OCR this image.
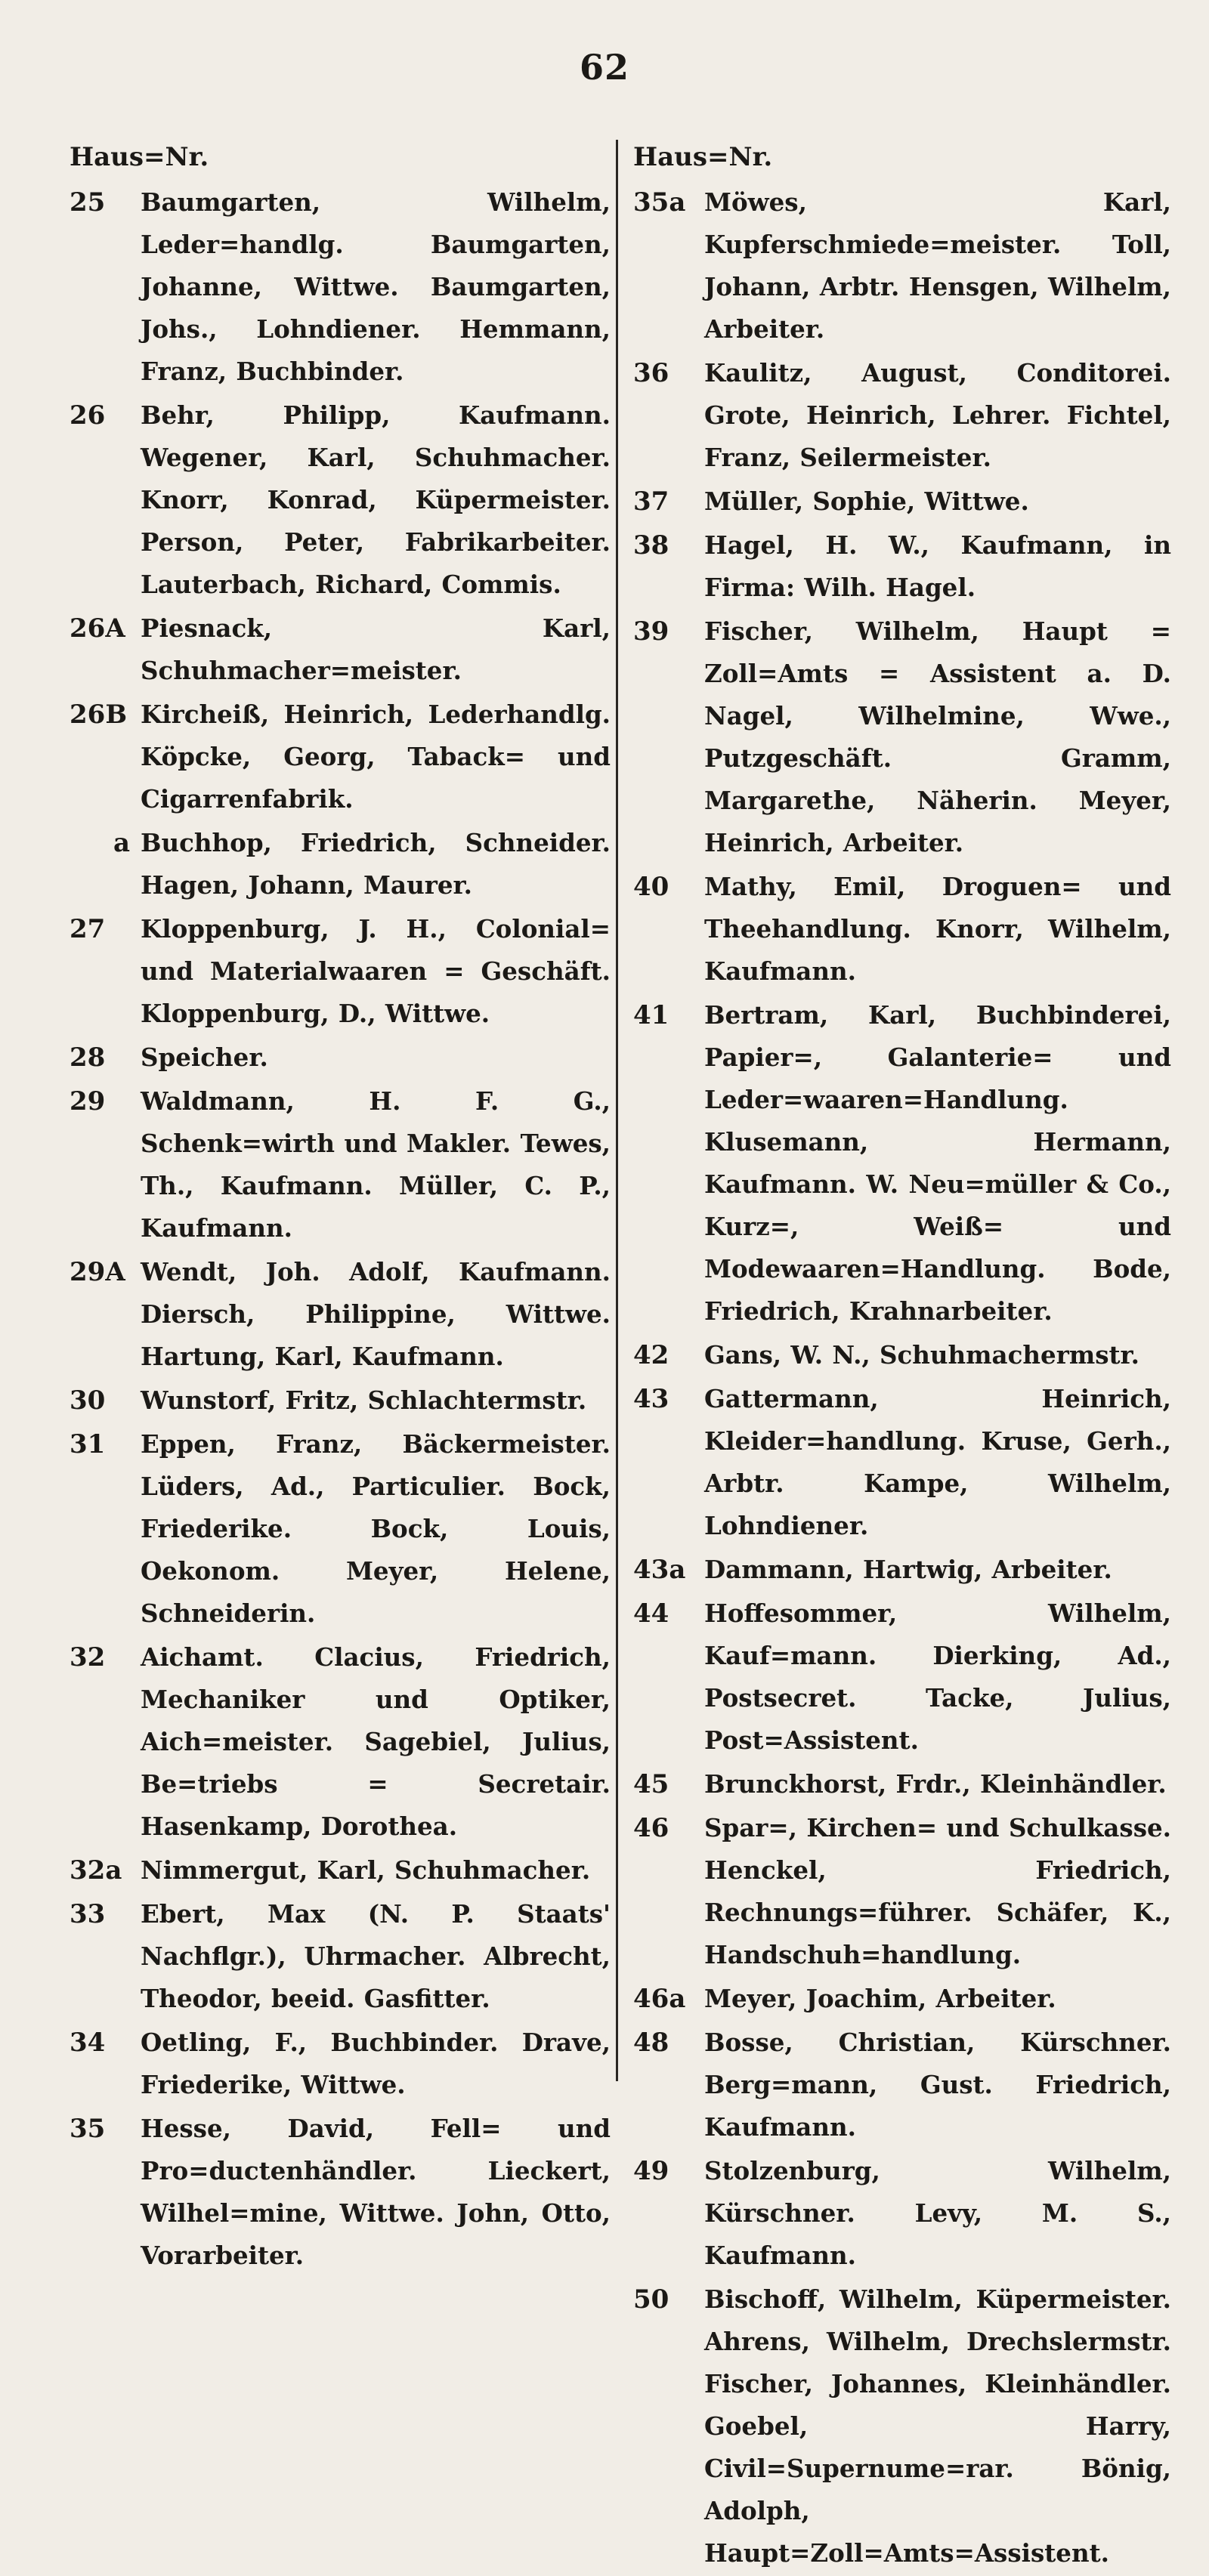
62
Haus=Nr.
25	Baumgarten, Wilhelm, Leder=handlg. Baumgarten, Johanne, Wittwe. Baumgarten, Johs., Lohndiener. Hemmann, Franz, Buchbinder.
26	Behr, Philipp, Kaufmann. Wegener, Karl, Schuhmacher. Knorr, Konrad, Küpermeister. Person, Peter, Fabrikarbeiter. Lauterbach, Richard, Commis.
26A Piesnack, Karl, Schuhmacher=meister.
26B Kircheiß, Heinrich, Lederhandlg. Köpcke, Georg, Taback= und Cigarrenfabrik.
a Buchhop, Friedrich, Schneider. Hagen, Johann, Maurer.
27	Kloppenburg, J. H., Colonial= und Materialwaaren = Geschäft. Kloppenburg, D., Wittwe.
28	Speicher.
29	Waldmann, H. F. G., Schenk=wirth und Makler. Tewes, Th., Kaufmann. Müller, C. P., Kaufmann.
29A Wendt, Joh. Adolf, Kaufmann. Diersch, Philippine, Wittwe. Hartung, Karl, Kaufmann.
30	Wunstorf, Fritz, Schlachtermstr.
31	Eppen, Franz, Bäckermeister. Lüders, Ad., Particulier. Bock, Friederike. Bock, Louis, Oekonom. Meyer, Helene, Schneiderin.
32	Aichamt. Clacius, Friedrich, Mechaniker und Optiker, Aich=meister. Sagebiel, Julius, Be=triebs = Secretair. Hasenkamp, Dorothea.
32a Nimmergut, Karl, Schuhmacher.
33	Ebert, Max (N. P. Staats' Nachflgr.), Uhrmacher. Albrecht, Theodor, beeid. Gasfitter.
34	Oetling, F., Buchbinder. Drave, Friederike, Wittwe.
35	Hesse, David, Fell= und Pro=ductenhändler. Lieckert, Wilhel=mine, Wittwe. John, Otto, Vorarbeiter.
Haus=Nr.
35a Möwes, Karl, Kupferschmiede=meister. Toll, Johann, Arbtr. Hensgen, Wilhelm, Arbeiter.
36	Kaulitz, August, Conditorei. Grote, Heinrich, Lehrer. Fichtel, Franz, Seilermeister.
37	Müller, Sophie, Wittwe.
38	Hagel, H. W., Kaufmann, in Firma: Wilh. Hagel.
39	Fischer, Wilhelm, Haupt = Zoll=Amts = Assistent a. D. Nagel, Wilhelmine, Wwe., Putzgeschäft. Gramm, Margarethe, Näherin. Meyer, Heinrich, Arbeiter.
40	Mathy, Emil, Droguen= und Theehandlung. Knorr, Wilhelm, Kaufmann.
41	Bertram, Karl, Buchbinderei, Papier=, Galanterie= und Leder=waaren=Handlung. Klusemann, Hermann, Kaufmann. W. Neu=müller & Co., Kurz=, Weiß= und Modewaaren=Handlung. Bode, Friedrich, Krahnarbeiter.
42	Gans, W. N., Schuhmachermstr.
43	Gattermann, Heinrich, Kleider=handlung. Kruse, Gerh., Arbtr. Kampe, Wilhelm, Lohndiener.
43a Dammann, Hartwig, Arbeiter.
44	Hoffesommer, Wilhelm, Kauf=mann. Dierking, Ad., Postsecret. Tacke, Julius, Post=Assistent.
45	Brunckhorst, Frdr., Kleinhändler.
46	Spar=, Kirchen= und Schulkasse. Henckel, Friedrich, Rechnungs=führer. Schäfer, K., Handschuh=handlung.
46a Meyer, Joachim, Arbeiter.
48	Bosse, Christian, Kürschner. Berg=mann, Gust. Friedrich, Kaufmann.
49	Stolzenburg, Wilhelm, Kürschner. Levy, M. S., Kaufmann.
50	Bischoff, Wilhelm, Küpermeister. Ahrens, Wilhelm, Drechslermstr. Fischer, Johannes, Kleinhändler. Goebel, Harry, Civil=Supernume=rar. Bönig, Adolph, Haupt=Zoll=Amts=Assistent.
